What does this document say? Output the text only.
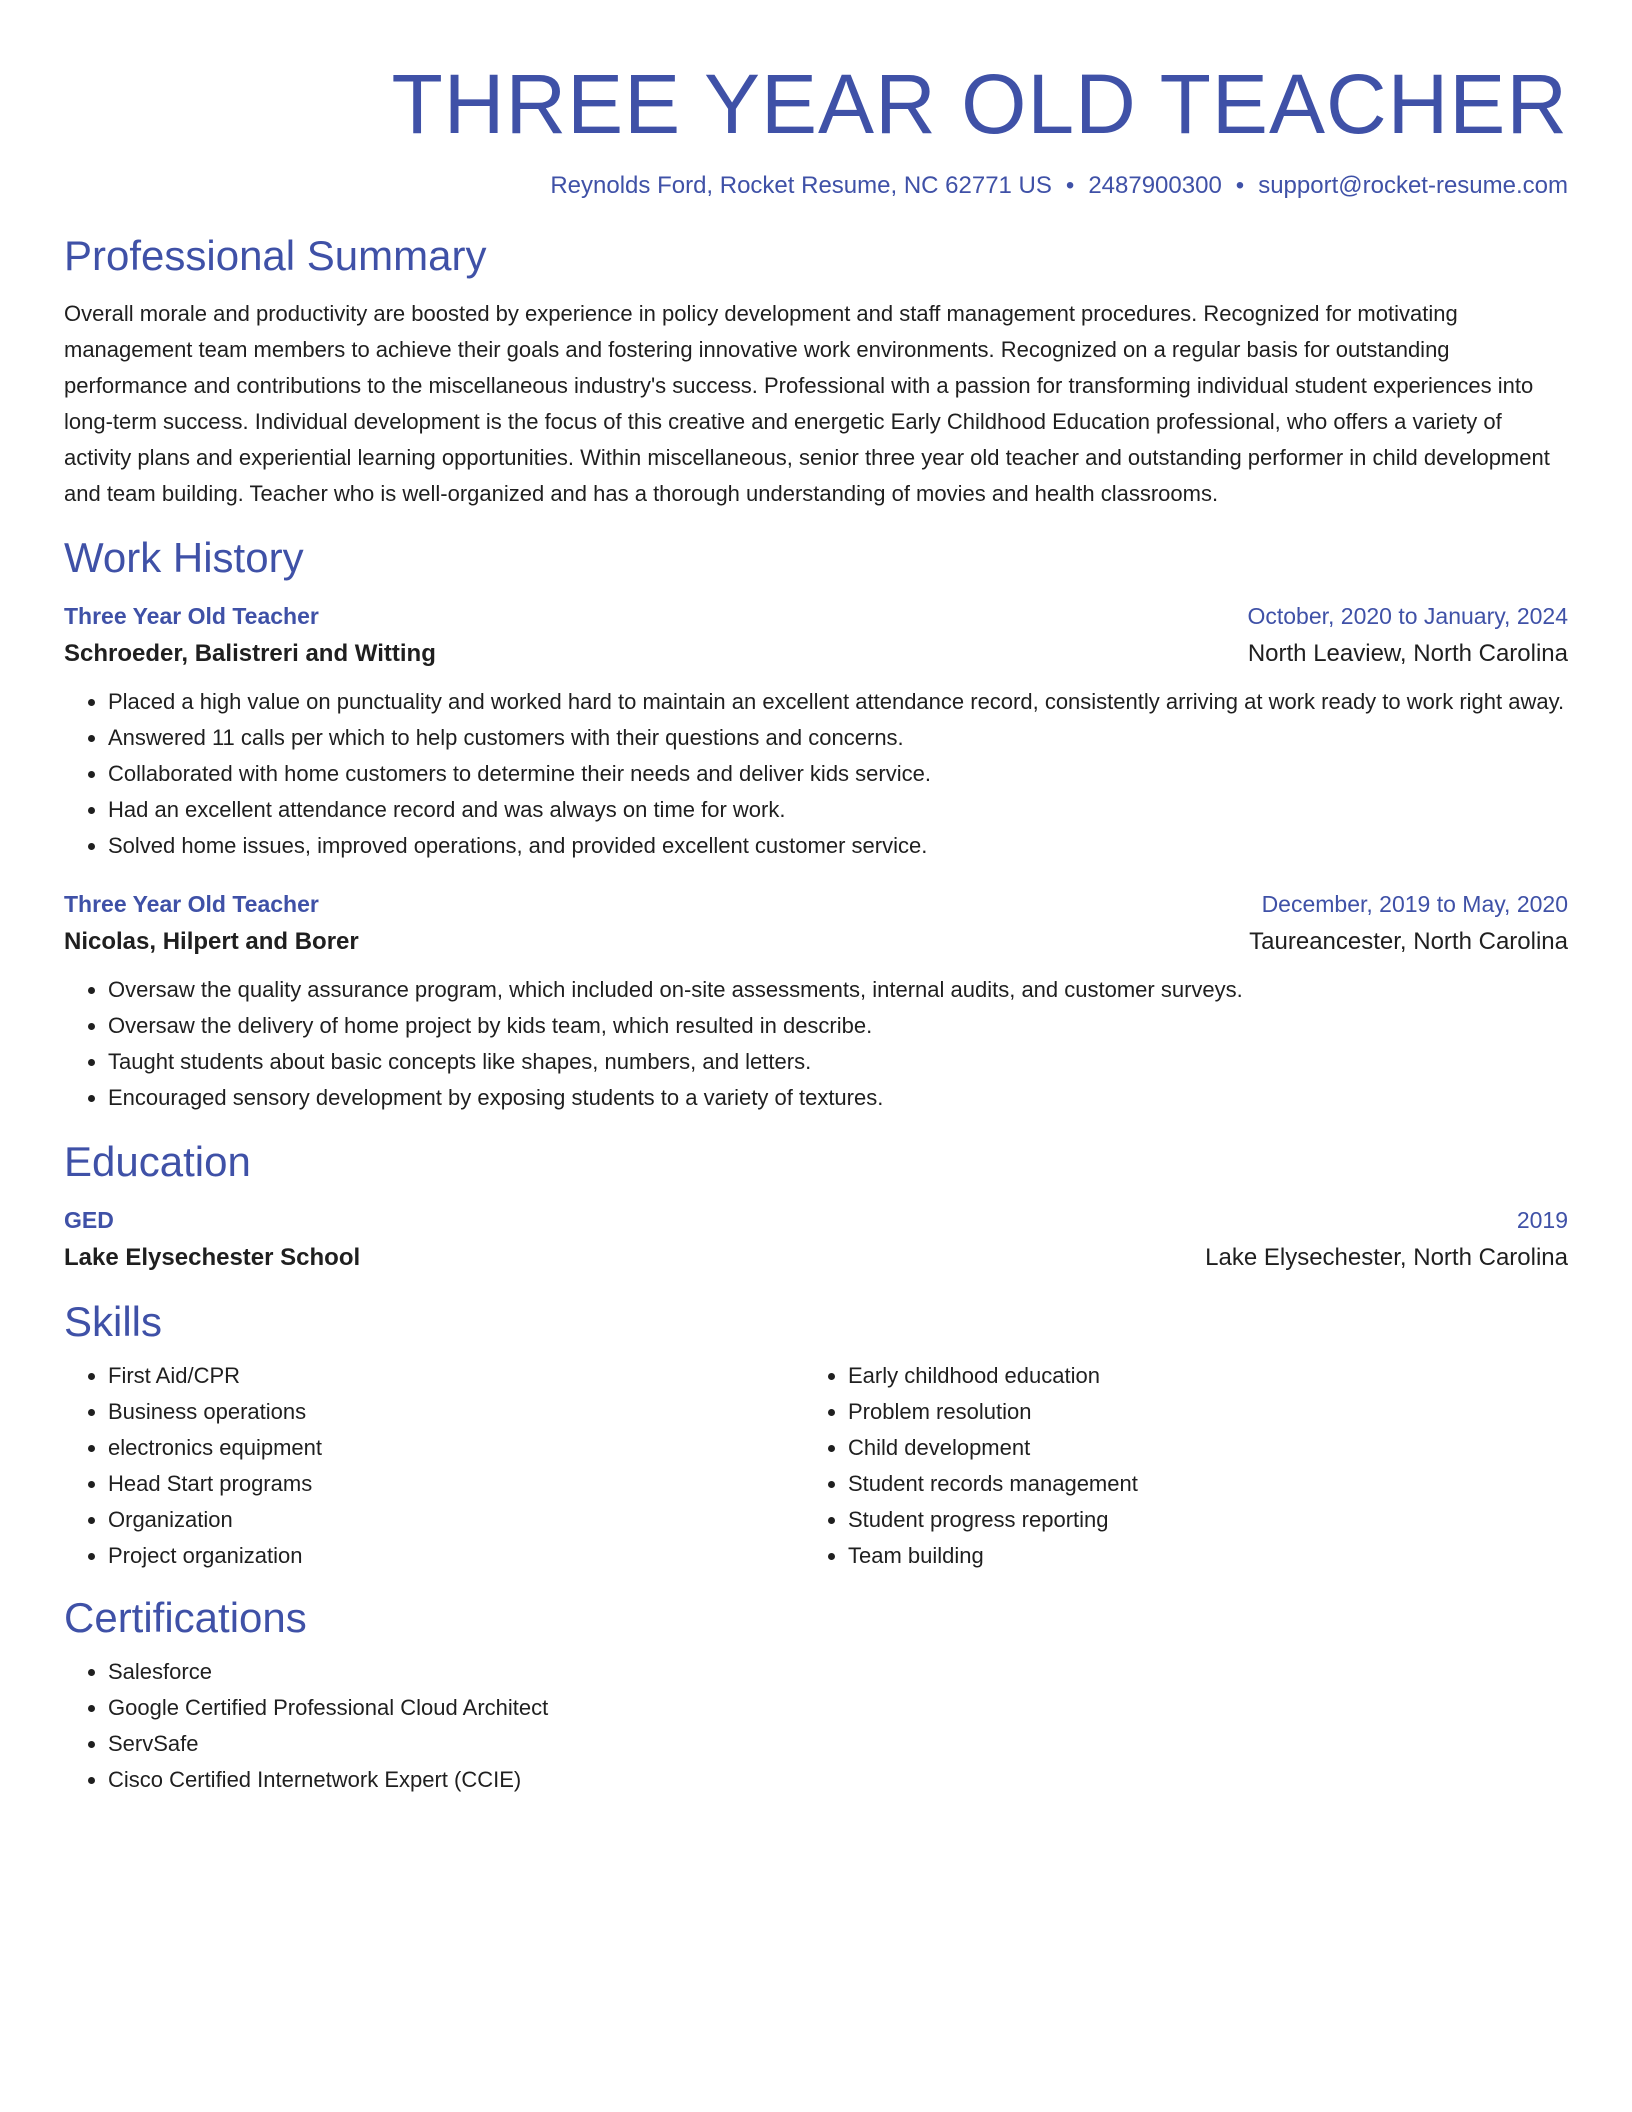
THREE YEAR OLD TEACHER
Reynolds Ford, Rocket Resume, NC 62771 US • 2487900300 • support@rocket-resume.com
Professional Summary

Overall morale and productivity are boosted by experience in policy development and staff management procedures. Recognized for motivating management team members to achieve their goals and fostering innovative work environments. Recognized on a regular basis for outstanding performance and contributions to the miscellaneous industry's success. Professional with a passion for transforming individual student experiences into long-term success. Individual development is the focus of this creative and energetic Early Childhood Education professional, who offers a variety of activity plans and experiential learning opportunities. Within miscellaneous, senior three year old teacher and outstanding performer in child development and team building. Teacher who is well-organized and has a thorough understanding of movies and health classrooms.

Work History
Three Year Old Teacher	October, 2020 to January, 2024
Schroeder, Balistreri and Witting	North Leaview, North Carolina
• Placed a high value on punctuality and worked hard to maintain an excellent attendance record, consistently arriving at work ready to work right away.
• Answered 11 calls per which to help customers with their questions and concerns.
• Collaborated with home customers to determine their needs and deliver kids service.
• Had an excellent attendance record and was always on time for work.
• Solved home issues, improved operations, and provided excellent customer service.
Three Year Old Teacher	December, 2019 to May, 2020
Nicolas, Hilpert and Borer	Taureancester, North Carolina
• Oversaw the quality assurance program, which included on-site assessments, internal audits, and customer surveys.
• Oversaw the delivery of home project by kids team, which resulted in describe.
• Taught students about basic concepts like shapes, numbers, and letters.
• Encouraged sensory development by exposing students to a variety of textures.
Education
GED	2019
Lake Elysechester School	Lake Elysechester, North Carolina
Skills
• First Aid/CPR
• Business operations
• electronics equipment
• Head Start programs
• Organization
• Project organization
• Early childhood education
• Problem resolution
• Child development
• Student records management
• Student progress reporting
• Team building
Certifications
• Salesforce
• Google Certified Professional Cloud Architect
• ServSafe
• Cisco Certified Internetwork Expert (CCIE)
